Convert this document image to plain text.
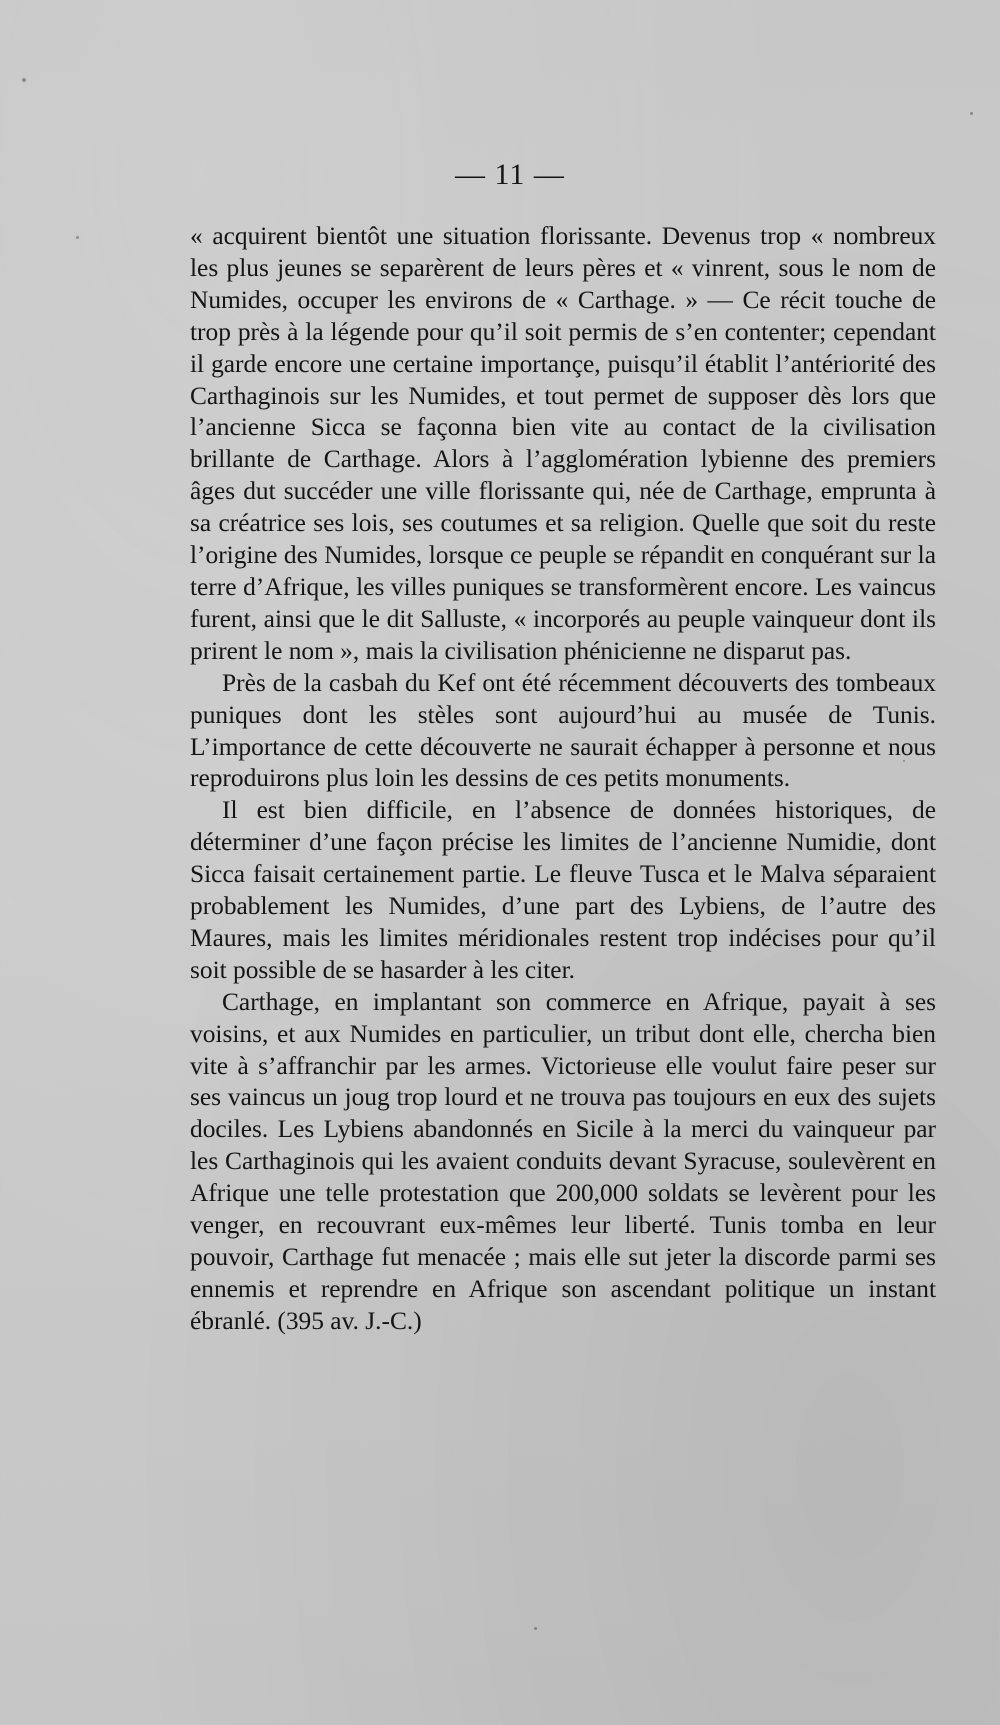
— 11 —

« acquirent bientôt une situation florissante. Devenus trop « nombreux les plus jeunes se separèrent de leurs pères et « vinrent, sous le nom de Numides, occuper les environs de « Carthage. » — Ce récit touche de trop près à la légende pour qu’il soit permis de s’en contenter; cependant il garde encore une certaine importançe, puisqu’il établit l’antériorité des Carthaginois sur les Numides, et tout permet de supposer dès lors que l’ancienne Sicca se façonna bien vite au contact de la civilisation brillante de Carthage. Alors à l’agglomération lybienne des premiers âges dut succéder une ville florissante qui, née de Carthage, emprunta à sa créatrice ses lois, ses coutumes et sa religion. Quelle que soit du reste l’origine des Numides, lorsque ce peuple se répandit en conquérant sur la terre d’Afrique, les villes puniques se transformèrent encore. Les vaincus furent, ainsi que le dit Salluste, « incorporés au peuple vainqueur dont ils prirent le nom », mais la civilisation phénicienne ne disparut pas.

Près de la casbah du Kef ont été récemment découverts des tombeaux puniques dont les stèles sont aujourd’hui au musée de Tunis. L’importance de cette découverte ne saurait échapper à personne et nous reproduirons plus loin les dessins de ces petits monuments.

Il est bien difficile, en l’absence de données historiques, de déterminer d’une façon précise les limites de l’ancienne Numidie, dont Sicca faisait certainement partie. Le fleuve Tusca et le Malva séparaient probablement les Numides, d’une part des Lybiens, de l’autre des Maures, mais les limites méridionales restent trop indécises pour qu’il soit possible de se hasarder à les citer.

Carthage, en implantant son commerce en Afrique, payait à ses voisins, et aux Numides en particulier, un tribut dont elle, chercha bien vite à s’affranchir par les armes. Victorieuse elle voulut faire peser sur ses vaincus un joug trop lourd et ne trouva pas toujours en eux des sujets dociles. Les Lybiens abandonnés en Sicile à la merci du vainqueur par les Carthaginois qui les avaient conduits devant Syracuse, soulevèrent en Afrique une telle protestation que 200,000 soldats se levèrent pour les venger, en recouvrant eux-mêmes leur liberté. Tunis tomba en leur pouvoir, Carthage fut menacée ; mais elle sut jeter la discorde parmi ses ennemis et reprendre en Afrique son ascendant politique un instant ébranlé. (395 av. J.-C.)
